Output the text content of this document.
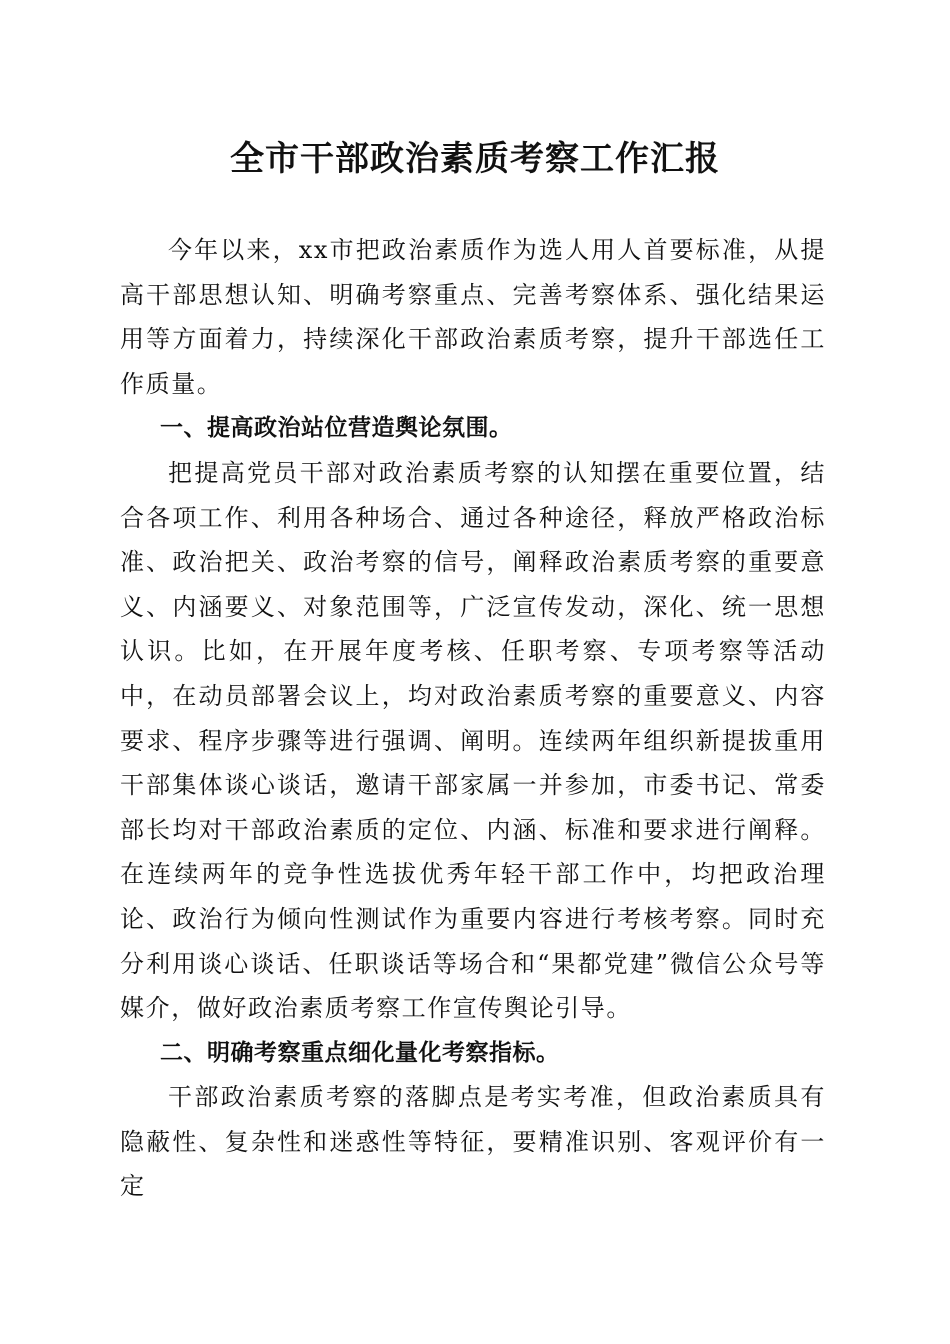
全市干部政治素质考察工作汇报

今年以来，xx市把政治素质作为选人用人首要标准，从提高干部思想认知、明确考察重点、完善考察体系、强化结果运用等方面着力，持续深化干部政治素质考察，提升干部选任工作质量。

一、提高政治站位营造舆论氛围。

把提高党员干部对政治素质考察的认知摆在重要位置，结合各项工作、利用各种场合、通过各种途径，释放严格政治标准、政治把关、政治考察的信号，阐释政治素质考察的重要意义、内涵要义、对象范围等，广泛宣传发动，深化、统一思想认识。比如，在开展年度考核、任职考察、专项考察等活动中，在动员部署会议上，均对政治素质考察的重要意义、内容要求、程序步骤等进行强调、阐明。连续两年组织新提拔重用干部集体谈心谈话，邀请干部家属一并参加，市委书记、常委部长均对干部政治素质的定位、内涵、标准和要求进行阐释。在连续两年的竞争性选拔优秀年轻干部工作中，均把政治理论、政治行为倾向性测试作为重要内容进行考核考察。同时充分利用谈心谈话、任职谈话等场合和“果都党建”微信公众号等媒介，做好政治素质考察工作宣传舆论引导。

二、明确考察重点细化量化考察指标。

干部政治素质考察的落脚点是考实考准，但政治素质具有隐蔽性、复杂性和迷惑性等特征，要精准识别、客观评价有一定
